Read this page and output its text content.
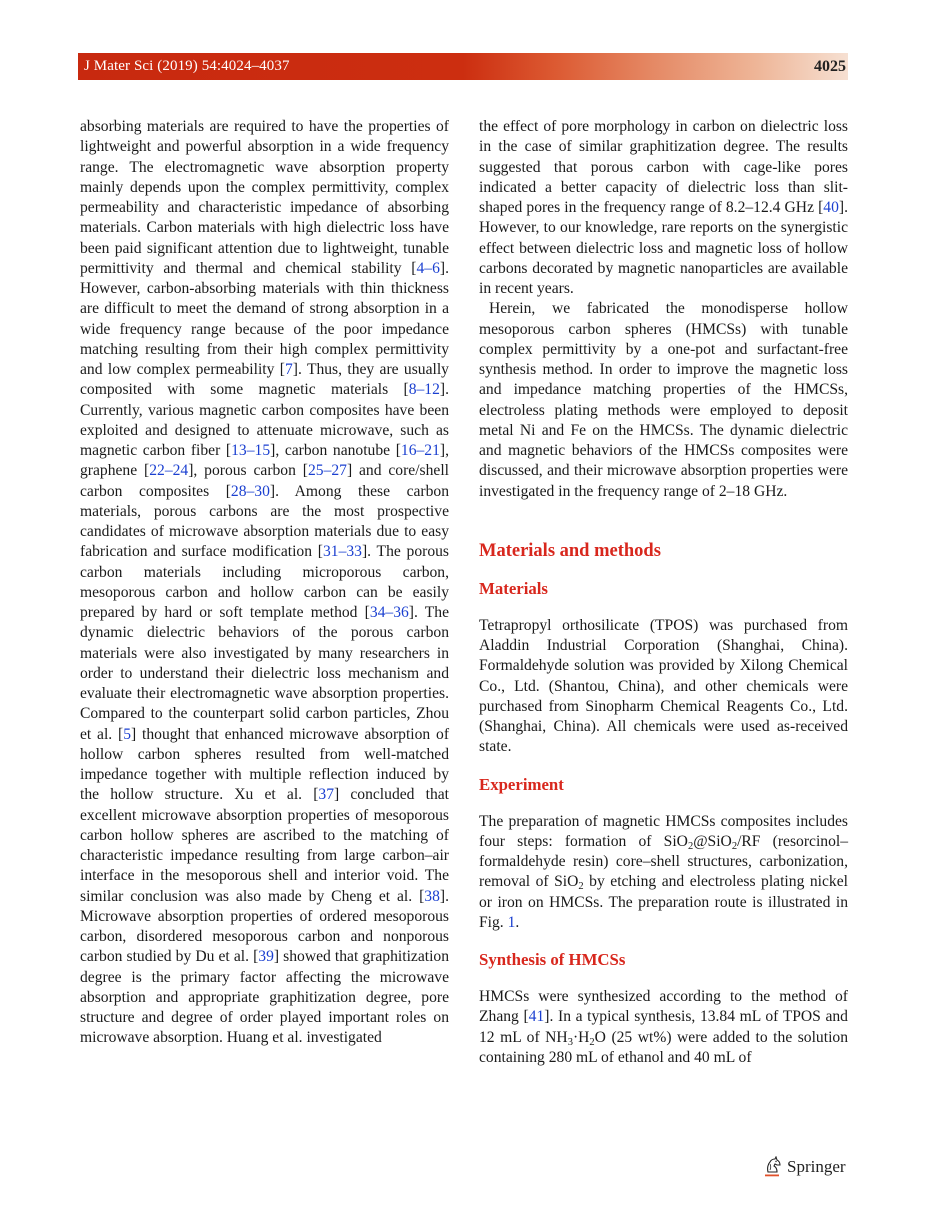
J Mater Sci (2019) 54:4024–4037	4025

absorbing materials are required to have the properties of lightweight and powerful absorption in a wide frequency range. The electromagnetic wave absorption property mainly depends upon the complex permittivity, complex permeability and characteristic impedance of absorbing materials. Carbon materials with high dielectric loss have been paid significant attention due to lightweight, tunable permittivity and thermal and chemical stability [4–6]. However, carbon-absorbing materials with thin thickness are difficult to meet the demand of strong absorption in a wide frequency range because of the poor impedance matching resulting from their high complex permittivity and low complex permeability [7]. Thus, they are usually composited with some magnetic materials [8–12]. Currently, various magnetic carbon composites have been exploited and designed to attenuate microwave, such as magnetic carbon fiber [13–15], carbon nanotube [16–21], graphene [22–24], porous carbon [25–27] and core/shell carbon composites [28–30]. Among these carbon materials, porous carbons are the most prospective candidates of microwave absorption materials due to easy fabrication and surface modification [31–33]. The porous carbon materials including microporous carbon, mesoporous carbon and hollow carbon can be easily prepared by hard or soft template method [34–36]. The dynamic dielectric behaviors of the porous carbon materials were also investigated by many researchers in order to understand their dielectric loss mechanism and evaluate their electromagnetic wave absorption properties. Compared to the counterpart solid carbon particles, Zhou et al. [5] thought that enhanced microwave absorption of hollow carbon spheres resulted from well-matched impedance together with multiple reflection induced by the hollow structure. Xu et al. [37] concluded that excellent microwave absorption properties of mesoporous carbon hollow spheres are ascribed to the matching of characteristic impedance resulting from large carbon–air interface in the mesoporous shell and interior void. The similar conclusion was also made by Cheng et al. [38]. Microwave absorption properties of ordered mesoporous carbon, disordered mesoporous carbon and nonporous carbon studied by Du et al. [39] showed that graphitization degree is the primary factor affecting the microwave absorption and appropriate graphitization degree, pore structure and degree of order played important roles on microwave absorption. Huang et al. investigated

the effect of pore morphology in carbon on dielectric loss in the case of similar graphitization degree. The results suggested that porous carbon with cage-like pores indicated a better capacity of dielectric loss than slit-shaped pores in the frequency range of 8.2–12.4 GHz [40]. However, to our knowledge, rare reports on the synergistic effect between dielectric loss and magnetic loss of hollow carbons decorated by magnetic nanoparticles are available in recent years.

Herein, we fabricated the monodisperse hollow mesoporous carbon spheres (HMCSs) with tunable complex permittivity by a one-pot and surfactant-free synthesis method. In order to improve the magnetic loss and impedance matching properties of the HMCSs, electroless plating methods were employed to deposit metal Ni and Fe on the HMCSs. The dynamic dielectric and magnetic behaviors of the HMCSs composites were discussed, and their microwave absorption properties were investigated in the frequency range of 2–18 GHz.

Materials and methods
Materials

Tetrapropyl orthosilicate (TPOS) was purchased from Aladdin Industrial Corporation (Shanghai, China). Formaldehyde solution was provided by Xilong Chemical Co., Ltd. (Shantou, China), and other chemicals were purchased from Sinopharm Chemical Reagents Co., Ltd. (Shanghai, China). All chemicals were used as-received state.

Experiment

The preparation of magnetic HMCSs composites includes four steps: formation of SiO$_2$@SiO$_2$/RF (resorcinol–formaldehyde resin) core–shell structures, carbonization, removal of SiO$_2$ by etching and electroless plating nickel or iron on HMCSs. The preparation route is illustrated in Fig. 1.

Synthesis of HMCSs

HMCSs were synthesized according to the method of Zhang [41]. In a typical synthesis, 13.84 mL of TPOS and 12 mL of $NH_3\cdot H_2O$ (25 wt%) were added to the solution containing 280 mL of ethanol and 40 mL of

Springer
